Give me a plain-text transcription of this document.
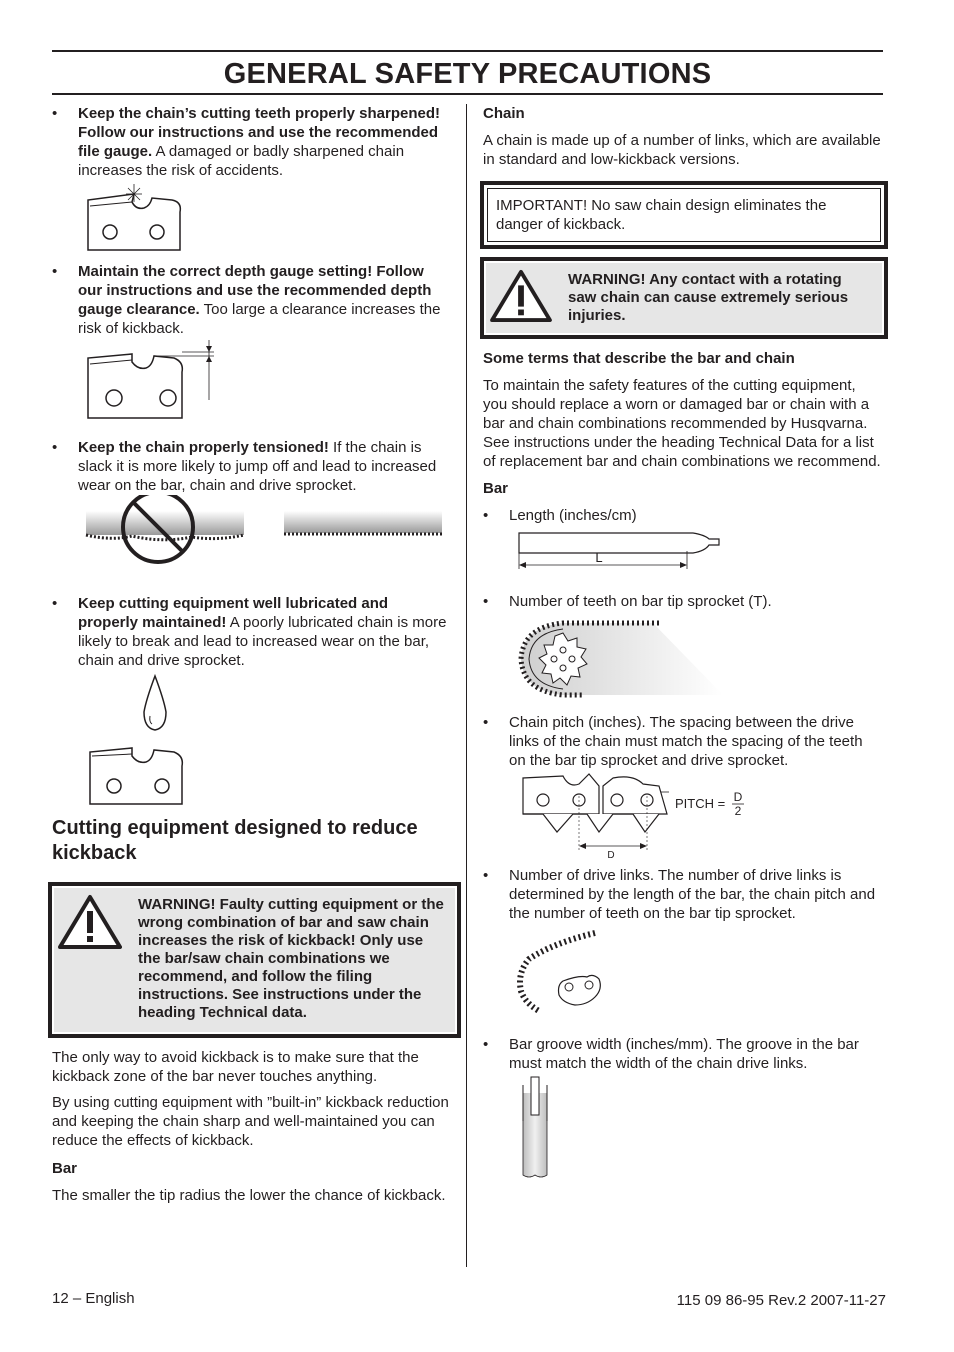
GENERAL SAFETY PRECAUTIONS
•
Keep the chain’s cutting teeth properly sharpened! Follow our instructions and use the recommended file gauge. A damaged or badly sharpened chain increases the risk of accidents.
•
Maintain the correct depth gauge setting! Follow our instructions and use the recommended depth gauge clearance. Too large a clearance increases the risk of kickback.
•
Keep the chain properly tensioned! If the chain is slack it is more likely to jump off and lead to increased wear on the bar, chain and drive sprocket.
•
Keep cutting equipment well lubricated and properly maintained! A poorly lubricated chain is more likely to break and lead to increased wear on the bar, chain and drive sprocket.
Cutting equipment designed to reduce kickback
WARNING! Faulty cutting equipment or the wrong combination of bar and saw chain increases the risk of kickback! Only use the bar/saw chain combinations we recommend, and follow the filing instructions. See instructions under the heading Technical data.

The only way to avoid kickback is to make sure that the kickback zone of the bar never touches anything.

By using cutting equipment with ”built-in” kickback reduction and keeping the chain sharp and well-maintained you can reduce the effects of kickback.

Bar

The smaller the tip radius the lower the chance of kickback.

Chain

A chain is made up of a number of links, which are available in standard and low-kickback versions.

IMPORTANT! No saw chain design eliminates the danger of kickback.
WARNING! Any contact with a rotating saw chain can cause extremely serious injuries.

Some terms that describe the bar and chain

To maintain the safety features of the cutting equipment, you should replace a worn or damaged bar or chain with a bar and chain combinations recommended by Husqvarna. See instructions under the heading Technical Data for a list of replacement bar and chain combinations we recommend.

Bar

•
Length (inches/cm)
L
•
Number of teeth on bar tip sprocket (T).
•
Chain pitch (inches). The spacing between the drive links of the chain must match the spacing of the teeth on the bar tip sprocket and drive sprocket.
D
PITCH = D
2
•
Number of drive links. The number of drive links is determined by the length of the bar, the chain pitch and the number of teeth on the bar tip sprocket.
•
Bar groove width (inches/mm). The groove in the bar must match the width of the chain drive links.
12 – English	115 09 86-95 Rev.2 2007-11-27
